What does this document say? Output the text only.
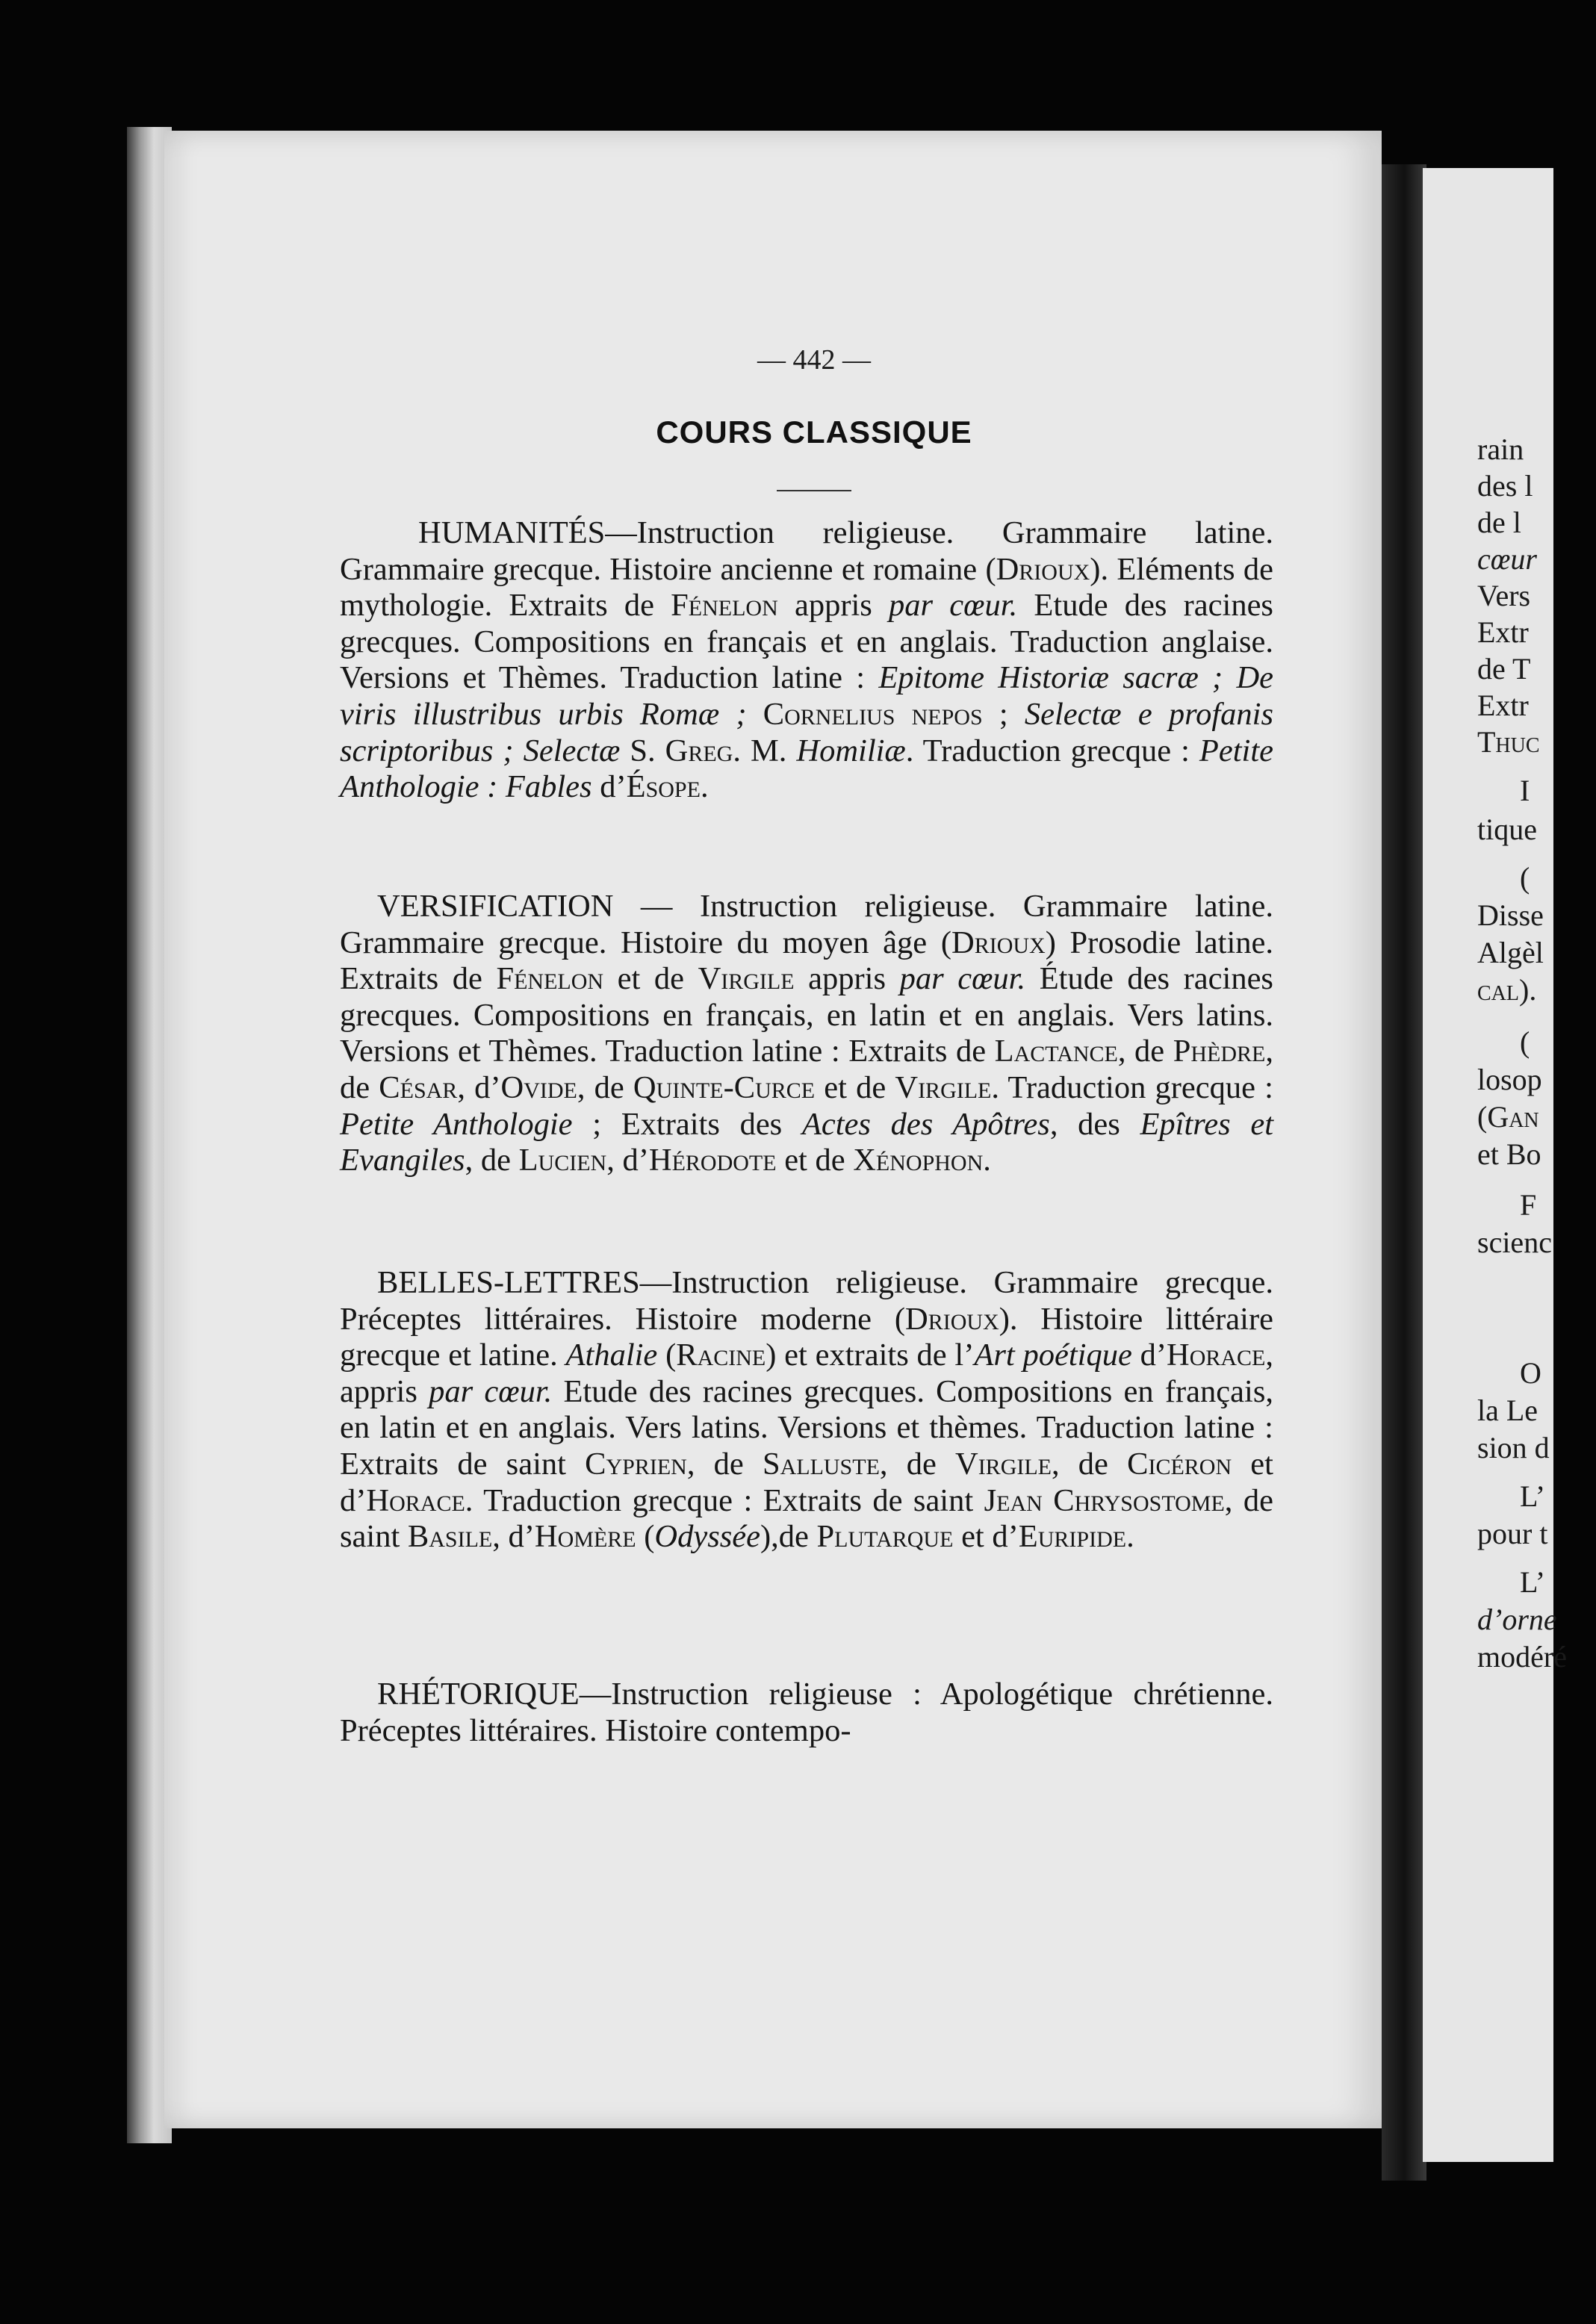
— 442 —

COURS CLASSIQUE

HUMANITÉS—Instruction religieuse. Grammaire latine. Grammaire grecque. Histoire ancienne et romaine (Drioux). Eléments de mythologie. Extraits de Fénelon appris par cœur. Etude des racines grecques. Compositions en français et en anglais. Traduction anglaise. Versions et Thèmes. Traduction latine : Epitome Historiæ sacræ ; De viris illustribus urbis Romæ ; Cornelius nepos ; Selectæ e profanis scriptoribus ; Selectæ S. Greg. M. Homiliæ. Traduction grecque : Petite Anthologie : Fables d’Ésope.

VERSIFICATION — Instruction religieuse. Grammaire latine. Grammaire grecque. Histoire du moyen âge (Drioux) Prosodie latine. Extraits de Fénelon et de Virgile appris par cœur. Étude des racines grecques. Compositions en français, en latin et en anglais. Vers latins. Versions et Thèmes. Traduction latine : Extraits de Lactance, de Phèdre, de César, d’Ovide, de Quinte-Curce et de Virgile. Traduction grecque : Petite Anthologie ; Extraits des Actes des Apôtres, des Epîtres et Evangiles, de Lucien, d’Hérodote et de Xénophon.

BELLES-LETTRES—Instruction religieuse. Grammaire grecque. Préceptes littéraires. Histoire moderne (Drioux). Histoire littéraire grecque et latine. Athalie (Racine) et extraits de l’Art poétique d’Horace, appris par cœur. Etude des racines grecques. Compositions en français, en latin et en anglais. Vers latins. Versions et thèmes. Traduction latine : Extraits de saint Cyprien, de Salluste, de Virgile, de Cicéron et d’Horace. Traduction grecque : Extraits de saint Jean Chrysostome, de saint Basile, d’Homère (Odyssée),de Plutarque et d’Euripide.

RHÉTORIQUE—Instruction religieuse : Apologétique chrétienne. Préceptes littéraires. Histoire contempo-

rain
des l
de l
cœur
Vers
Extr
de T
Extr
Thuc
I
tique
(
Disse
Algèl
cal).
(
losop
(Gan
et Bo
F
scienc
O
la Le
sion d
L’
pour t
L’
d’orne
modéré
